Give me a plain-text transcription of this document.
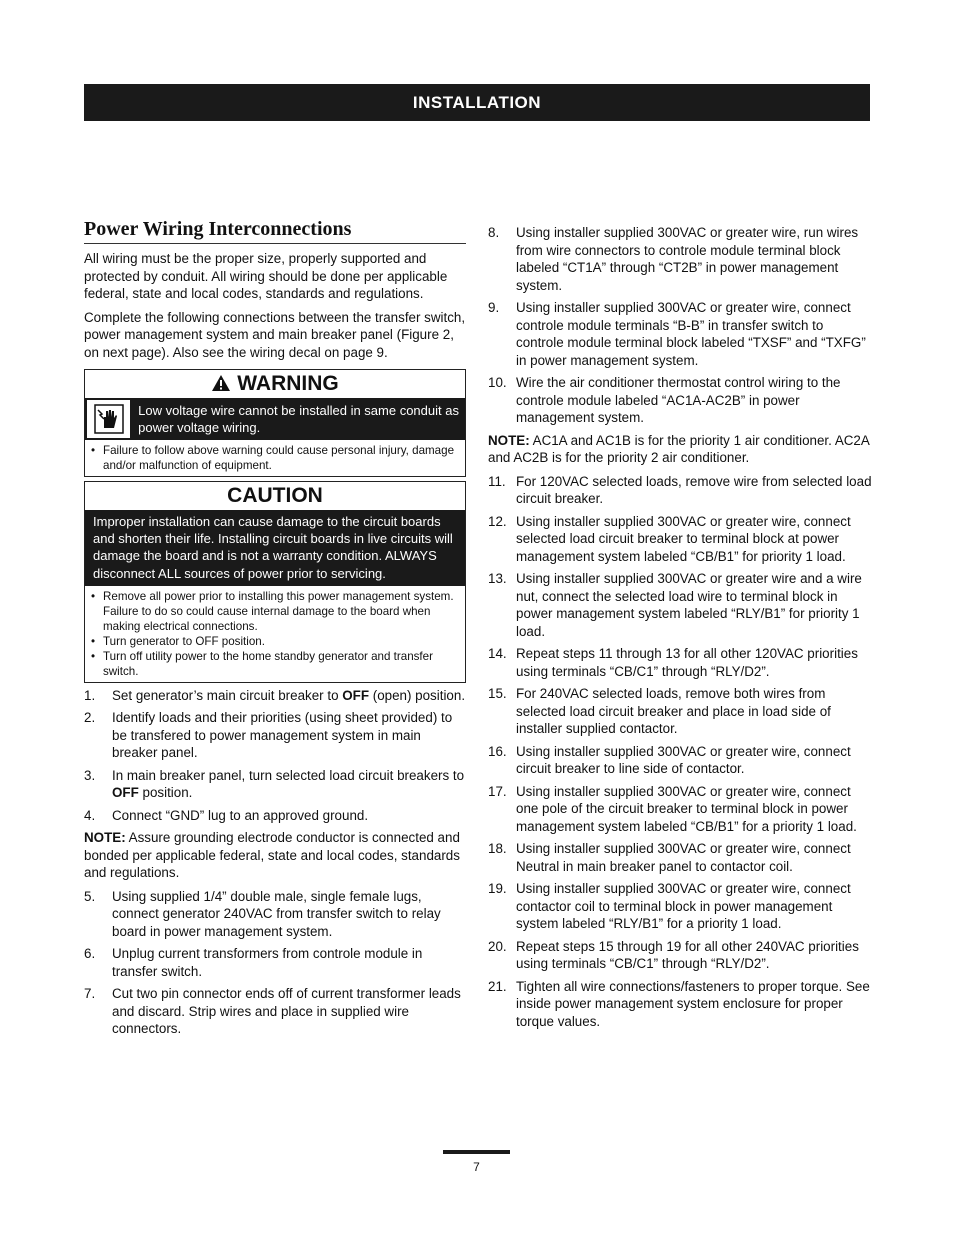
INSTALLATION
Power Wiring Interconnections

All wiring must be the proper size, properly supported and protected by conduit. All wiring should be done per applicable federal, state and local codes, standards and regulations.

Complete the following connections between the transfer switch, power management system and main breaker panel (Figure 2, on next page). Also see the wiring decal on page 9.

WARNING
Low voltage wire cannot be installed in same conduit as power voltage wiring.
• Failure to follow above warning could cause personal injury, damage and/or malfunction of equipment.
CAUTION
Improper installation can cause damage to the circuit boards and shorten their life. Installing circuit boards in live circuits will damage the board and is not a warranty condition. ALWAYS disconnect ALL sources of power prior to servicing.
• Remove all power prior to installing this power management system. Failure to do so could cause internal damage to the board when making electrical connections.
• Turn generator to OFF position.
• Turn off utility power to the home standby generator and transfer switch.
1.	Set generator’s main circuit breaker to OFF (open) position.
2.	Identify loads and their priorities (using sheet provided) to be transfered to power management system in main breaker panel.
3.	In main breaker panel, turn selected load circuit breakers to OFF position.
4.	Connect “GND” lug to an approved ground.

NOTE: Assure grounding electrode conductor is connected and bonded per applicable federal, state and local codes, standards and regulations.

5.	Using supplied 1/4” double male, single female lugs, connect generator 240VAC from transfer switch to relay board in power management system.
6.	Unplug current transformers from controle module in transfer switch.
7.	Cut two pin connector ends off of current transformer leads and discard. Strip wires and place in supplied wire connectors.
8.	Using installer supplied 300VAC or greater wire, run wires from wire connectors to controle module terminal block labeled “CT1A” through “CT2B” in power management system.
9.	Using installer supplied 300VAC or greater wire, connect controle module terminals “B-B” in transfer switch to controle module terminal block labeled “TXSF” and “TXFG” in power management system.
10. Wire the air conditioner thermostat control wiring to the controle module labeled “AC1A-AC2B” in power management system.

NOTE: AC1A and AC1B is for the priority 1 air conditioner. AC2A and AC2B is for the priority 2 air conditioner.

11. For 120VAC selected loads, remove wire from selected load circuit breaker.
12. Using installer supplied 300VAC or greater wire, connect selected load circuit breaker to terminal block at power management system labeled “CB/B1” for priority 1 load.
13. Using installer supplied 300VAC or greater wire and a wire nut, connect the selected load wire to terminal block in power management system labeled “RLY/B1” for priority 1 load.
14. Repeat steps 11 through 13 for all other 120VAC priorities using terminals “CB/C1” through “RLY/D2”.
15. For 240VAC selected loads, remove both wires from selected load circuit breaker and place in load side of installer supplied contactor.
16. Using installer supplied 300VAC or greater wire, connect circuit breaker to line side of contactor.
17. Using installer supplied 300VAC or greater wire, connect one pole of the circuit breaker to terminal block in power management system labeled “CB/B1” for a priority 1 load.
18. Using installer supplied 300VAC or greater wire, connect Neutral in main breaker panel to contactor coil.
19. Using installer supplied 300VAC or greater wire, connect contactor coil to terminal block in power management system labeled “RLY/B1” for a priority 1 load.
20. Repeat steps 15 through 19 for all other 240VAC priorities using terminals “CB/C1” through “RLY/D2”.
21. Tighten all wire connections/fasteners to proper torque. See inside power management system enclosure for proper torque values.
7
